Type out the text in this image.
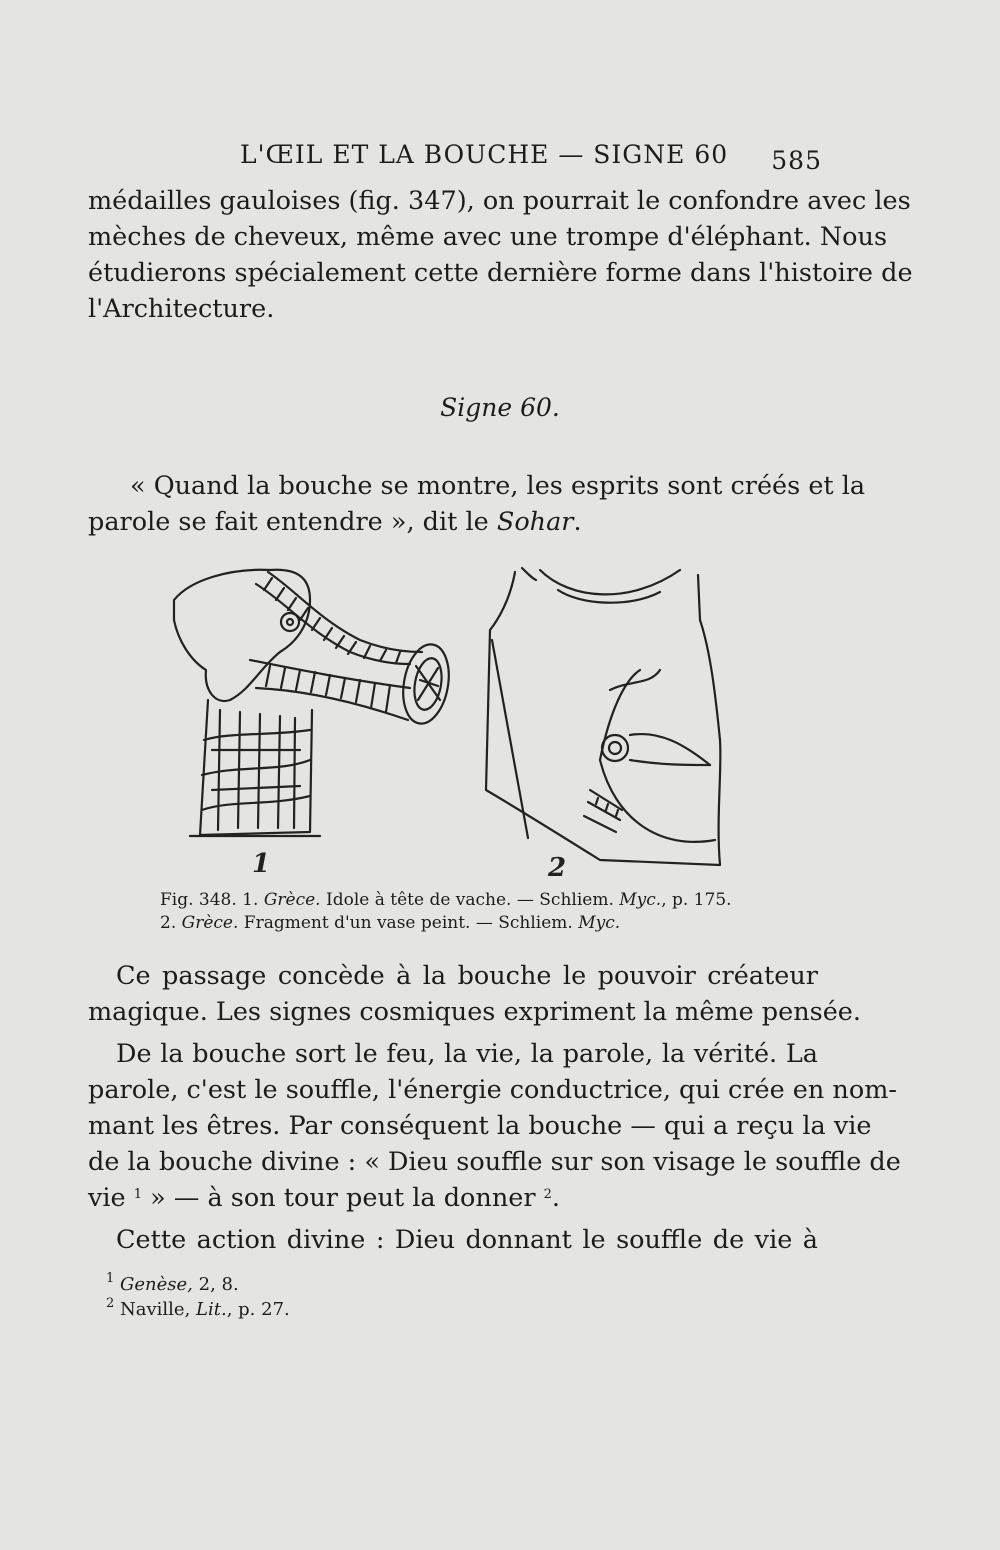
L'ŒIL ET LA BOUCHE — SIGNE 60 585

médailles gauloises (fig. 347), on pourrait le confondre avec les
mèches de cheveux, même avec une trompe d'éléphant. Nous
étudierons spécialement cette dernière forme dans l'histoire de
l'Architecture.

Signe 60.

« Quand la bouche se montre, les esprits sont créés et la
parole se fait entendre », dit le Sohar.

1	2
Fig. 348. 1. Grèce. Idole à tête de vache. — Schliem. Myc., p. 175.
2. Grèce. Fragment d'un vase peint. — Schliem. Myc.

Ce passage concède à la bouche le pouvoir créateur
magique. Les signes cosmiques expriment la même pensée.

De la bouche sort le feu, la vie, la parole, la vérité. La
parole, c'est le souffle, l'énergie conductrice, qui crée en nom-
mant les êtres. Par conséquent la bouche — qui a reçu la vie
de la bouche divine : « Dieu souffle sur son visage le souffle de
vie $^1$ » — à son tour peut la donner $^2$.

Cette action divine : Dieu donnant le souffle de vie à

$^1$ Genèse, 2, 8.
$^2$ Naville, Lit., p. 27.
